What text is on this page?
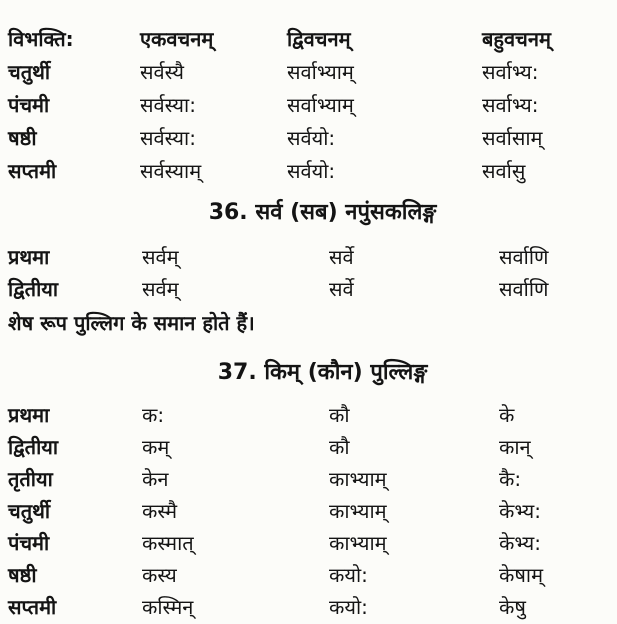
विभक्ति:	एकवचनम्	द्विवचनम्	बहुवचनम्
चतुर्थी	सर्वस्यै	सर्वाभ्याम्	सर्वाभ्य:
पंचमी	सर्वस्या:	सर्वाभ्याम्	सर्वाभ्य:
षष्ठी	सर्वस्या:	सर्वयो:	सर्वासाम्
सप्तमी	सर्वस्याम्	सर्वयो:	सर्वासु
36. सर्व (सब) नपुंसकलिङ्ग
प्रथमा	सर्वम्	सर्वे	सर्वाणि
द्वितीया	सर्वम्	सर्वे	सर्वाणि
शेष रूप पुल्लिग के समान होते हैं।
37. किम् (कौन) पुल्लिङ्ग
प्रथमा	क:	कौ	के
द्वितीया	कम्	कौ	कान्
तृतीया	केन	काभ्याम्	कै:
चतुर्थी	कस्मै	काभ्याम्	केभ्य:
पंचमी	कस्मात्	काभ्याम्	केभ्य:
षष्ठी	कस्य	कयो:	केषाम्
सप्तमी	कस्मिन्	कयो:	केषु
